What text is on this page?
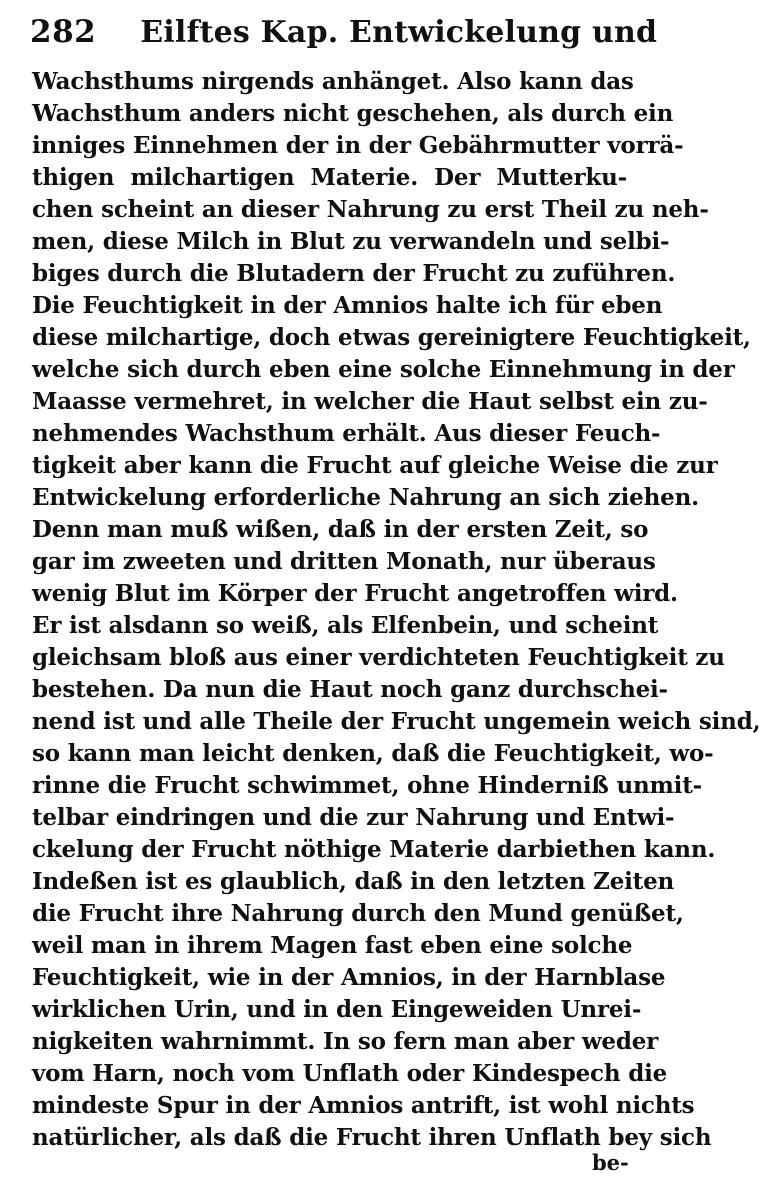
282 Eilftes Kap. Entwickelung und
Wachsthums nirgends anhänget. Also kann das
Wachsthum anders nicht geschehen, als durch ein
inniges Einnehmen der in der Gebährmutter vorrä-
thigen milchartigen Materie. Der Mutterku-
chen scheint an dieser Nahrung zu erst Theil zu neh-
men, diese Milch in Blut zu verwandeln und selbi-
biges durch die Blutadern der Frucht zu zuführen.
Die Feuchtigkeit in der Amnios halte ich für eben
diese milchartige, doch etwas gereinigtere Feuchtigkeit,
welche sich durch eben eine solche Einnehmung in der
Maasse vermehret, in welcher die Haut selbst ein zu-
nehmendes Wachsthum erhält. Aus dieser Feuch-
tigkeit aber kann die Frucht auf gleiche Weise die zur
Entwickelung erforderliche Nahrung an sich ziehen.
Denn man muß wißen, daß in der ersten Zeit, so
gar im zweeten und dritten Monath, nur überaus
wenig Blut im Körper der Frucht angetroffen wird.
Er ist alsdann so weiß, als Elfenbein, und scheint
gleichsam bloß aus einer verdichteten Feuchtigkeit zu
bestehen. Da nun die Haut noch ganz durchschei-
nend ist und alle Theile der Frucht ungemein weich sind,
so kann man leicht denken, daß die Feuchtigkeit, wo-
rinne die Frucht schwimmet, ohne Hinderniß unmit-
telbar eindringen und die zur Nahrung und Entwi-
ckelung der Frucht nöthige Materie darbiethen kann.
Indeßen ist es glaublich, daß in den letzten Zeiten
die Frucht ihre Nahrung durch den Mund genüßet,
weil man in ihrem Magen fast eben eine solche
Feuchtigkeit, wie in der Amnios, in der Harnblase
wirklichen Urin, und in den Eingeweiden Unrei-
nigkeiten wahrnimmt. In so fern man aber weder
vom Harn, noch vom Unflath oder Kindespech die
mindeste Spur in der Amnios antrift, ist wohl nichts
natürlicher, als daß die Frucht ihren Unflath bey sich
be-
